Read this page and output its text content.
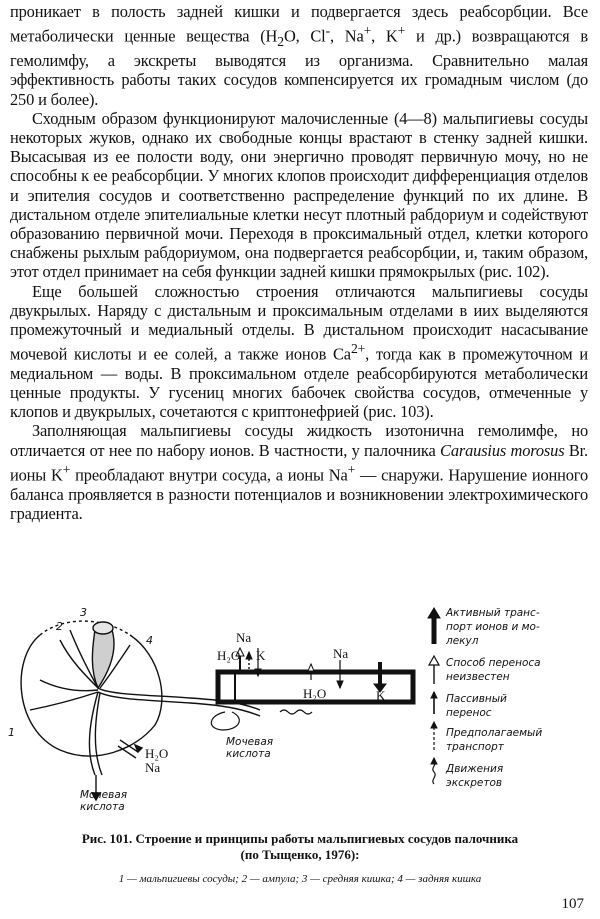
проникает в полость задней кишки и подвергается здесь реабсорбции. Все метаболически ценные вещества ($H_2O$, Cl-, Na+, K+ и др.) возвращаются в гемолимфу, а экскреты выводятся из организма. Сравнительно малая эффективность работы таких сосудов компенсируется их громадным числом (до 250 и более).

Сходным образом функционируют малочисленные (4—8) мальпигиевы сосуды некоторых жуков, однако их свободные концы врастают в стенку задней кишки. Высасывая из ее полости воду, они энергично проводят первичную мочу, но не способны к ее реабсорбции. У многих клопов происходит дифференциация отделов и эпителия сосудов и соответственно распределение функций по их длине. В дистальном отделе эпителиальные клетки несут плотный рабдориум и содействуют образованию первичной мочи. Переходя в проксимальный отдел, клетки которого снабжены рыхлым рабдориумом, она подвергается реабсорбции, и, таким образом, этот отдел принимает на себя функции задней кишки прямокрылых (рис. 102).

Еще большей сложностью строения отличаются мальпигиевы сосуды двукрылых. Наряду с дистальным и проксимальным отделами в иих выделяются промежуточный и медиальный отделы. В дистальном происходит насасывание мочевой кислоты и ее солей, а также ионов $Ca^{2+}$, тогда как в промежуточном и медиальном — воды. В проксимальном отделе реабсорбируются метаболически ценные продукты. У гусениц многих бабочек свойства сосудов, отмеченные у клопов и двукрылых, сочетаются с криптонефрией (рис. 103).

Заполняющая мальпигиевы сосуды жидкость изотонична гемолимфе, но отличается от нее по набору ионов. В частности, у палочника Carausius morosus Br. ионы K+ преобладают внутри сосуда, а ионы Na+ — снаружи. Нарушение ионного баланса проявляется в разности потенциалов и возникновении электрохимического градиента.

1
2
3
4
H₂O
Na
Мочевая
кислота
Na
H₂O K	Na
H₂O	K
Мочевая
кислота
Активный транс-
порт ионов и мо-
лекул
Способ переноса
неизвестен
Пассивный
перенос
Предполагаемый
транспорт
Движения
экскретов
Рис. 101. Строение и принципы работы мальпигиевых сосудов палочника
(по Тыщенко, 1976):
1 — мальпигиевы сосуды; 2 — ампула; 3 — средняя кишка; 4 — задняя кишка
107
